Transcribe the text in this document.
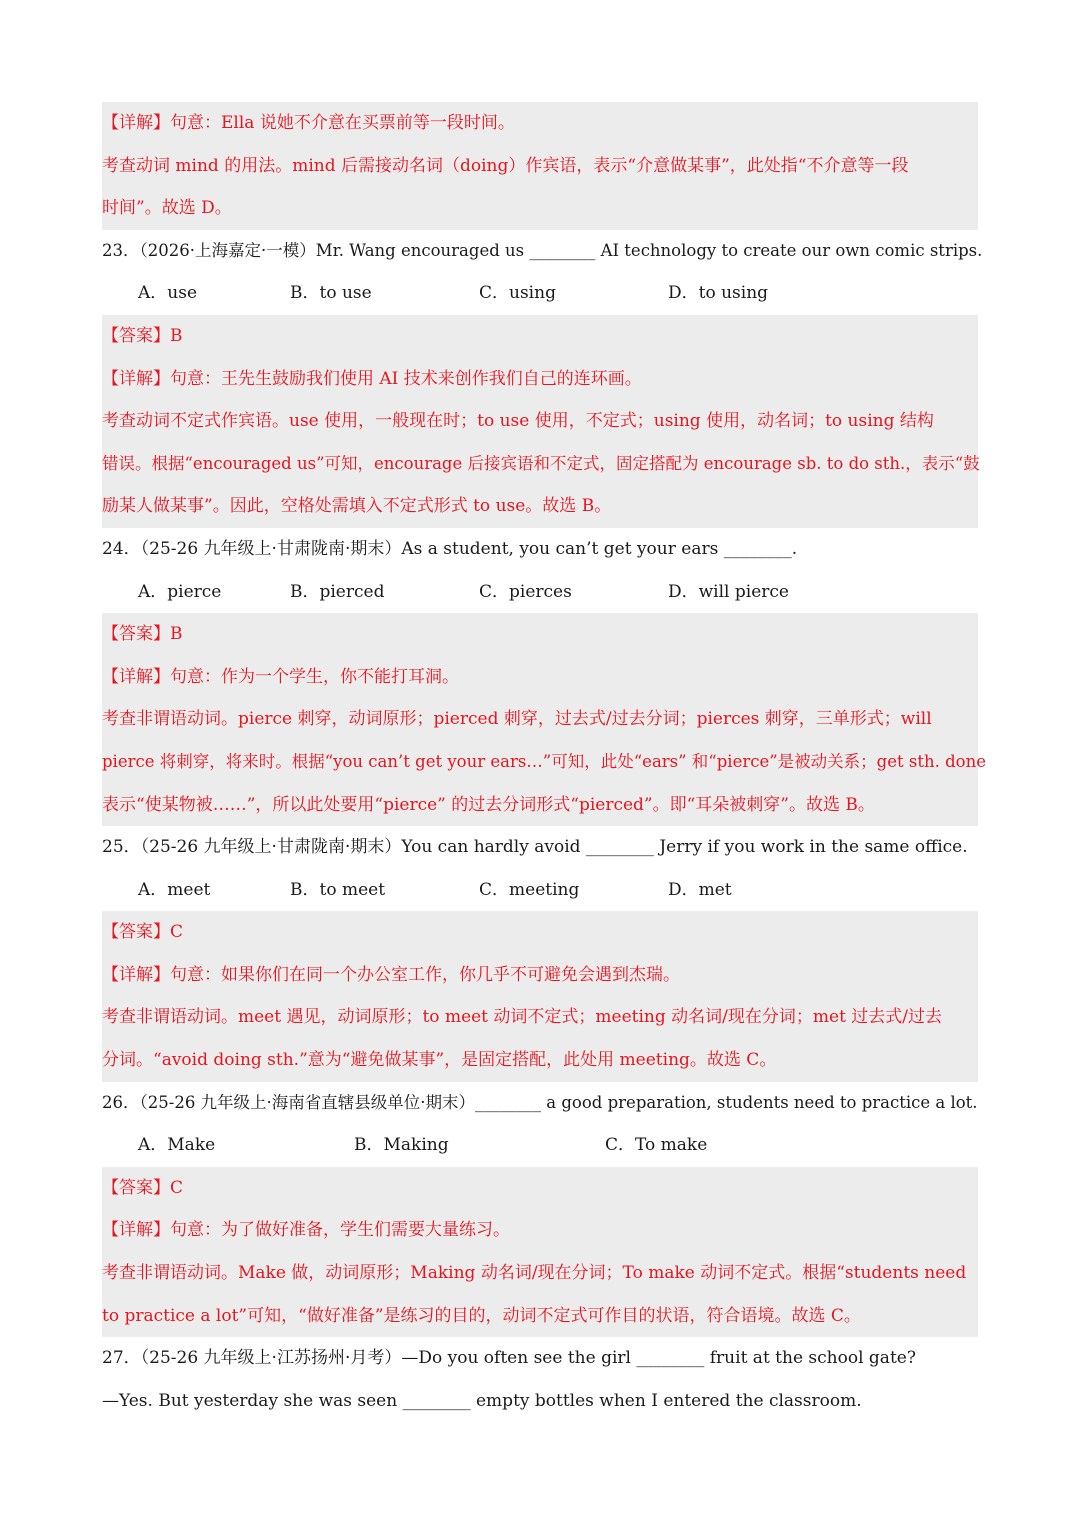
【详解】句意：Ella 说她不介意在买票前等一段时间。
考查动词 mind 的用法。mind 后需接动名词（doing）作宾语，表示“介意做某事”，此处指“不介意等一段
时间”。故选 D。
23．（2026·上海嘉定·一模）Mr. Wang encouraged us ________ AI technology to create our own comic strips.
A．use	B．to use	C．using	D．to using
【答案】B
【详解】句意：王先生鼓励我们使用 AI 技术来创作我们自己的连环画。
考查动词不定式作宾语。use 使用，一般现在时；to use 使用，不定式；using 使用，动名词；to using 结构
错误。根据“encouraged us”可知，encourage 后接宾语和不定式，固定搭配为 encourage sb. to do sth.，表示“鼓
励某人做某事”。因此，空格处需填入不定式形式 to use。故选 B。
24．（25-26 九年级上·甘肃陇南·期末）As a student, you can’t get your ears ________.
A．pierce	B．pierced	C．pierces	D．will pierce
【答案】B
【详解】句意：作为一个学生，你不能打耳洞。
考查非谓语动词。pierce 刺穿，动词原形；pierced 刺穿，过去式/过去分词；pierces 刺穿，三单形式；will
pierce 将刺穿，将来时。根据“you can’t get your ears…”可知，此处“ears” 和“pierce”是被动关系；get sth. done
表示“使某物被……”，所以此处要用“pierce” 的过去分词形式“pierced”。即“耳朵被刺穿”。故选 B。
25．（25-26 九年级上·甘肃陇南·期末）You can hardly avoid ________ Jerry if you work in the same office.
A．meet	B．to meet	C．meeting	D．met
【答案】C
【详解】句意：如果你们在同一个办公室工作，你几乎不可避免会遇到杰瑞。
考查非谓语动词。meet 遇见，动词原形；to meet 动词不定式；meeting 动名词/现在分词；met 过去式/过去
分词。“avoid doing sth.”意为“避免做某事”，是固定搭配，此处用 meeting。故选 C。
26．（25-26 九年级上·海南省直辖县级单位·期末）________ a good preparation, students need to practice a lot.
A．Make	B．Making	C．To make
【答案】C
【详解】句意：为了做好准备，学生们需要大量练习。
考查非谓语动词。Make 做，动词原形；Making 动名词/现在分词；To make 动词不定式。根据“students need
to practice a lot”可知，“做好准备”是练习的目的，动词不定式可作目的状语，符合语境。故选 C。
27．（25-26 九年级上·江苏扬州·月考）—Do you often see the girl ________ fruit at the school gate?
—Yes. But yesterday she was seen ________ empty bottles when I entered the classroom.
